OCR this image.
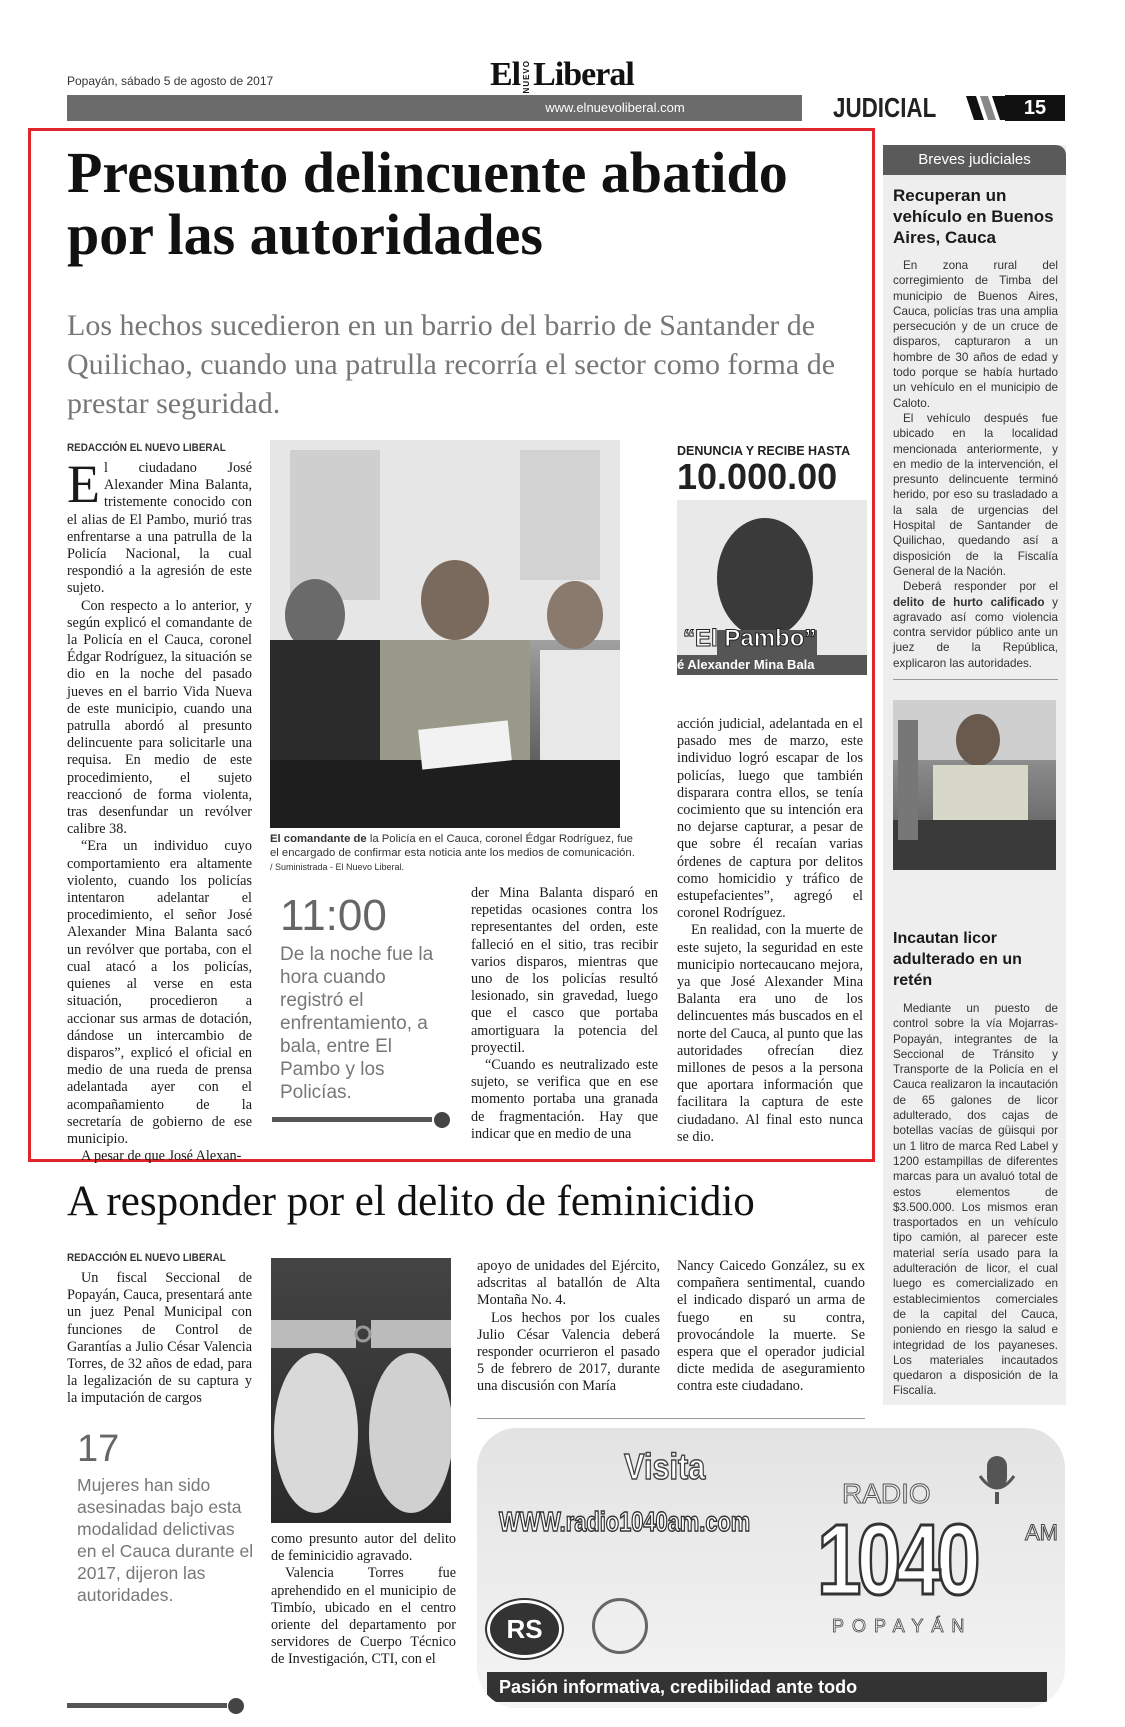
Popayán, sábado 5 de agosto de 2017	El NUEVOLiberal
www.elnuevoliberal.com	JUDICIAL	15
Presunto delincuente abatido por las autoridades
Los hechos sucedieron en un barrio del barrio de Santander de Quilichao, cuando una patrulla recorría el sector como forma de prestar seguridad.
REDACCIÓN EL NUEVO LIBERAL

El ciudadano José Alexander Mina Balanta, tristemente conocido con el alias de El Pambo, murió tras enfrentarse a una patrulla de la Policía Nacional, la cual respondió a la agresión de este sujeto.

Con respecto a lo anterior, y según explicó el comandante de la Policía en el Cauca, coronel Édgar Rodríguez, la situación se dio en la noche del pasado jueves en el barrio Vida Nueva de este municipio, cuando una patrulla abordó al presunto delincuente para solicitarle una requisa. En medio de este procedimiento, el sujeto reaccionó de forma violenta, tras desenfundar un revólver calibre 38.

“Era un individuo cuyo comportamiento era altamente violento, cuando los policías intentaron adelantar el procedimiento, el señor José Alexander Mina Balanta sacó un revólver que portaba, con el cual atacó a los policías, quienes al verse en esta situación, procedieron a accionar sus armas de dotación, dándose un intercambio de disparos”, explicó el oficial en medio de una rueda de prensa adelantada ayer con el acompañamiento de la secretaría de gobierno de ese municipio.

A pesar de que José Alexan-

El comandante de la Policía en el Cauca, coronel Édgar Rodríguez, fue el encargado de confirmar esta noticia ante los medios de comunicación. / Suministrada - El Nuevo Liberal.
DENUNCIA Y RECIBE HASTA
10.000.00
“El Pambo”
é Alexander Mina Bala
11:00
De la noche fue la hora cuando registró el enfrentamiento, a bala, entre El Pambo y los Policías.

der Mina Balanta disparó en repetidas ocasiones contra los representantes del orden, este falleció en el sitio, tras recibir varios disparos, mientras que uno de los policías resultó lesionado, sin gravedad, luego que el casco que portaba amortiguara la potencia del proyectil.

“Cuando es neutralizado este sujeto, se verifica que en ese momento portaba una granada de fragmentación. Hay que indicar que en medio de una

acción judicial, adelantada en el pasado mes de marzo, este individuo logró escapar de los policías, luego que también disparara contra ellos, se tenía cocimiento que su intención era no dejarse capturar, a pesar de que sobre él recaían varias órdenes de captura por delitos como homicidio y tráfico de estupefacientes”, agregó el coronel Rodríguez.

En realidad, con la muerte de este sujeto, la seguridad en este municipio nortecaucano mejora, ya que José Alexander Mina Balanta era uno de los delincuentes más buscados en el norte del Cauca, al punto que las autoridades ofrecían diez millones de pesos a la persona que aportara información que facilitara la captura de este ciudadano. Al final esto nunca se dio.

Breves judiciales
Recuperan un vehículo en Buenos Aires, Cauca

En zona rural del corregimiento de Timba del municipio de Buenos Aires, Cauca, policías tras una amplia persecución y de un cruce de disparos, capturaron a un hombre de 30 años de edad y todo porque se había hurtado un vehículo en el municipio de Caloto.

El vehículo después fue ubicado en la localidad mencionada anteriormente, y en medio de la intervención, el presunto delincuente terminó herido, por eso su trasladado a la sala de urgencias del Hospital de Santander de Quilichao, quedando así a disposición de la Fiscalía General de la Nación.

Deberá responder por el delito de hurto calificado y agravado así como violencia contra servidor público ante un juez de la República, explicaron las autoridades.

Incautan licor adulterado en un retén

Mediante un puesto de control sobre la vía Mojarras-Popayán, integrantes de la Seccional de Tránsito y Transporte de la Policía en el Cauca realizaron la incautación de 65 galones de licor adulterado, dos cajas de botellas vacías de güisqui por un 1 litro de marca Red Label y 1200 estampillas de diferentes marcas para un avaluó total de estos elementos de $3.500.000. Los mismos eran trasportados en un vehículo tipo camión, al parecer este material sería usado para la adulteración de licor, el cual luego es comercializado en establecimientos comerciales de la capital del Cauca, poniendo en riesgo la salud e integridad de los payaneses. Los materiales incautados quedaron a disposición de la Fiscalía.

A responder por el delito de feminicidio
REDACCIÓN EL NUEVO LIBERAL

Un fiscal Seccional de Popayán, Cauca, presentará ante un juez Penal Municipal con funciones de Control de Garantías a Julio César Valencia Torres, de 32 años de edad, para la legalización de su captura y la imputación de cargos

17
Mujeres han sido asesinadas bajo esta modalidad delictivas en el Cauca durante el 2017, dijeron las autoridades.

como presunto autor del delito de feminicidio agravado.

Valencia Torres fue aprehendido en el municipio de Timbío, ubicado en el centro oriente del departamento por servidores de Cuerpo Técnico de Investigación, CTI, con el

apoyo de unidades del Ejército, adscritas al batallón de Alta Montaña No. 4.

Los hechos por los cuales Julio César Valencia deberá responder ocurrieron el pasado 5 de febrero de 2017, durante una discusión con María

Nancy Caicedo González, su ex compañera sentimental, cuando el indicado disparó un arma de fuego en su contra, provocándole la muerte. Se espera que el operador judicial dicte medida de aseguramiento contra este ciudadano.

Visita
WWW.radio1040am.com
RADIO
1040 AM
POPAYÁN
RS
Pasión informativa, credibilidad ante todo
